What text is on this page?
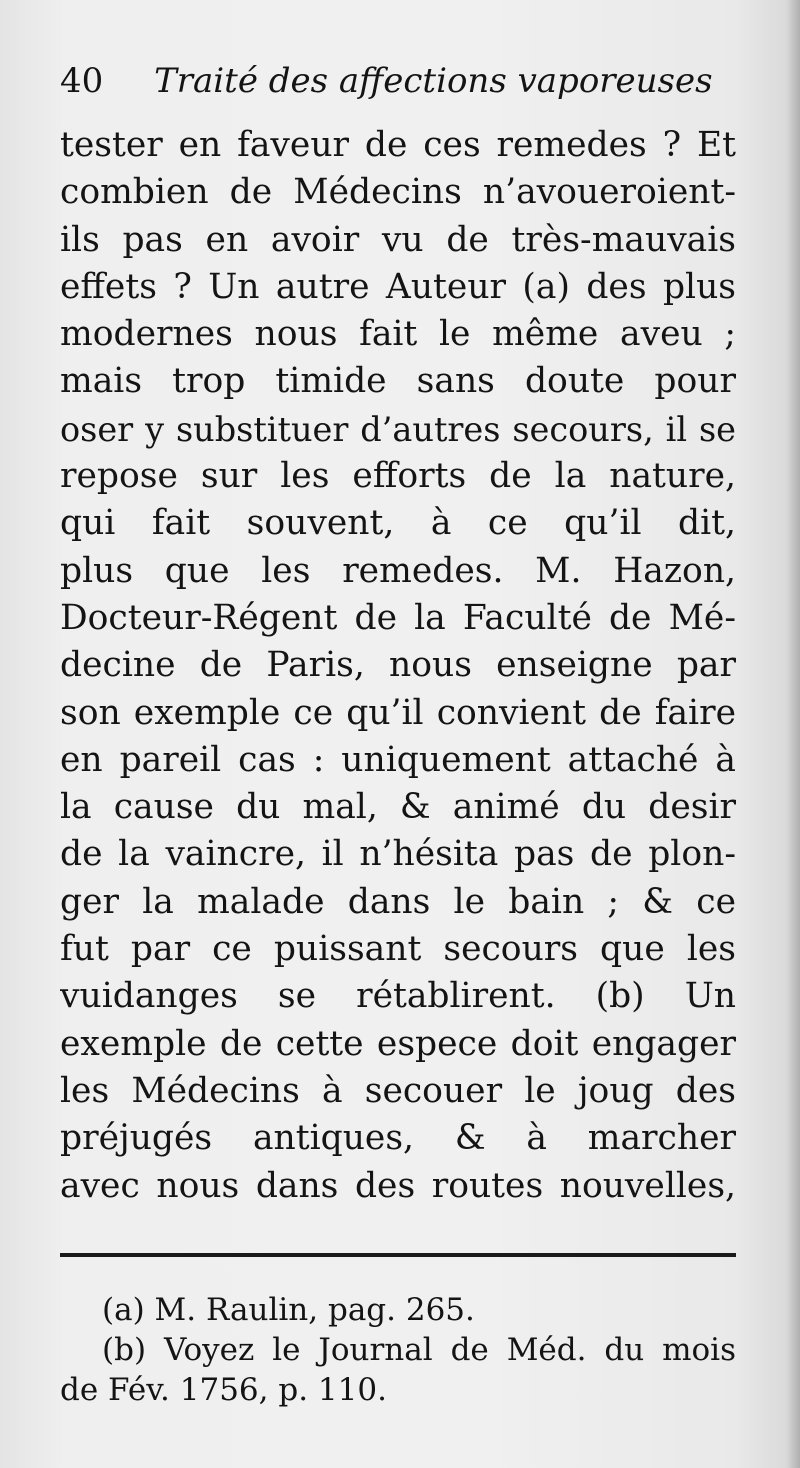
40 Traité des affections vaporeuses
tester en faveur de ces remedes ? Et
combien de Médecins n’avoueroient-
ils pas en avoir vu de très-mauvais
effets ? Un autre Auteur (a) des plus
modernes nous fait le même aveu ;
mais trop timide sans doute pour
oser y substituer d’autres secours, il se
repose sur les efforts de la nature,
qui fait souvent, à ce qu’il dit,
plus que les remedes. M. Hazon,
Docteur-Régent de la Faculté de Mé-
decine de Paris, nous enseigne par
son exemple ce qu’il convient de faire
en pareil cas : uniquement attaché à
la cause du mal, & animé du desir
de la vaincre, il n’hésita pas de plon-
ger la malade dans le bain ; & ce
fut par ce puissant secours que les
vuidanges se rétablirent. (b) Un
exemple de cette espece doit engager
les Médecins à secouer le joug des
préjugés antiques, & à marcher
avec nous dans des routes nouvelles,
(a) M. Raulin, pag. 265.
(b) Voyez le Journal de Méd. du mois
de Fév. 1756, p. 110.
